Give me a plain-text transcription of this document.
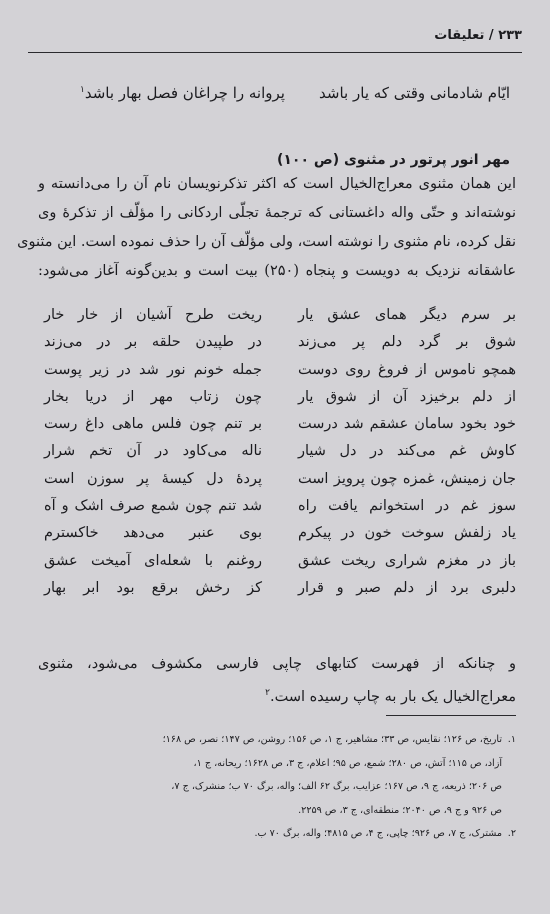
۲۳۳ / تعلیقات
ایّام شادمانی وقتی که یار باشد
پروانه را چراغان فصل بهار باشد$^۱$
مهر انور پرتور در مثنوی (ص ۱۰۰)
این همان مثنوی معراج‌الخیال است که اکثر تذکرنویسان نام آن را می‌دانسته و
نوشته‌اند و حتّی واله داغستانی که ترجمهٔ تجلّی اردکانی را مؤلّف از تذکرهٔ وی
نقل کرده، نام مثنوی را نوشته است، ولی مؤلّف آن را حذف نموده است. این مثنوی
عاشقانه نزدیک به دویست و پنجاه (۲۵۰) بیت است و بدین‌گونه آغاز می‌شود:
بر سرم دیگر همای عشق یار
ریخت طرح آشیان از خار خار
شوق بر گرد دلم پر می‌زند
در طپیدن حلقه بر در می‌زند
همچو ناموس از فروغ روی دوست
جمله خونم نور شد در زیر پوست
از دلم برخیزد آن از شوق یار
چون زتاب مهر از دریا بخار
خود بخود سامان عشقم شد درست
بر تنم چون فلس ماهی داغ رست
کاوش غم می‌کند در دل شیار
ناله می‌کاود در آن تخم شرار
جان زمینش، غمزه چون پرویز است
پردهٔ دل کیسهٔ پر سوزن است
سوز غم در استخوانم یافت راه
شد تنم چون شمع صرف اشک و آه
یاد زلفش سوخت خون در پیکرم
بوی عنبر می‌دهد خاکسترم
باز در مغزم شراری ریخت عشق
روغنم با شعله‌ای آمیخت عشق
دلبری برد از دلم صبر و قرار
کز رخش برقع بود ابر بهار
و چنانکه از فهرست کتابهای چاپی فارسی مکشوف می‌شود، مثنوی
معراج‌الخیال یک بار به چاپ رسیده است.$^۲$
۱.تاریخ، ص ۱۲۶؛ نقایس، ص ۳۳؛ مشاهیر، ج ۱، ص ۱۵۶؛ روشن، ص ۱۴۷؛ نصر، ص ۱۶۸؛
آزاد، ص ۱۱۵؛ آتش، ص ۲۸۰؛ شمع، ص ۹۵؛ اعلام، ج ۳، ص ۱۶۲۸؛ ریحانه، ج ۱،
ص ۲۰۶؛ ذریعه، ج ۹، ص ۱۶۷؛ عزایب، برگ ۶۲ الف؛ واله، برگ ۷۰ ب؛ منشرک، ج ۷،
ص ۹۲۶ و ج ۹، ص ۲۰۴۰؛ منطقه‌ای، ج ۳، ص ۲۲۵۹.
۲.مشترک، ج ۷، ص ۹۲۶؛ چاپی، ج ۴، ص ۴۸۱۵؛ واله، برگ ۷۰ ب.
